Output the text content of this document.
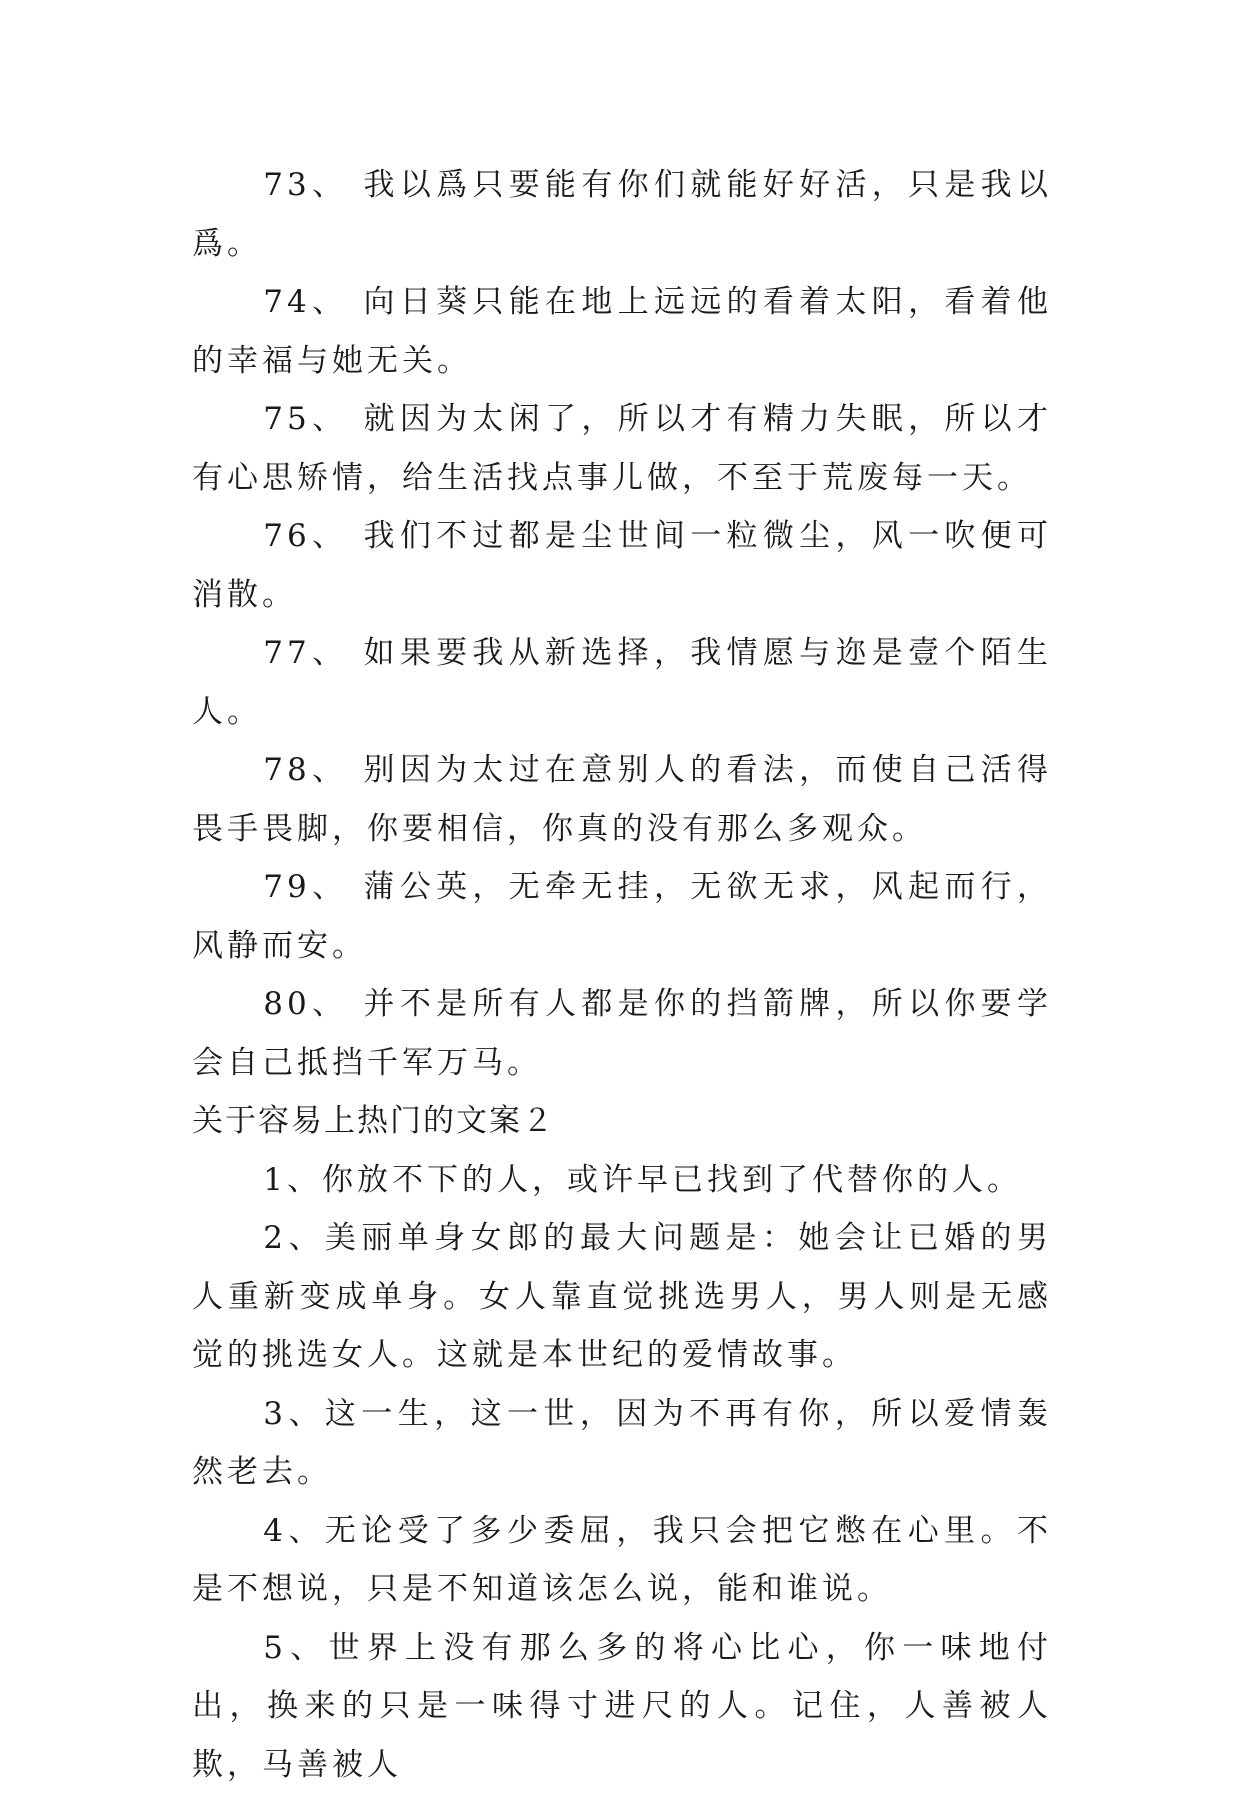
73、 我以爲只要能有你们就能好好活，只是我以爲。

74、 向日葵只能在地上远远的看着太阳，看着他的幸福与她无关。

75、 就因为太闲了，所以才有精力失眠，所以才有心思矫情，给生活找点事儿做，不至于荒废每一天。

76、 我们不过都是尘世间一粒微尘，风一吹便可消散。

77、 如果要我从新选择，我情愿与迩是壹个陌生人。

78、 别因为太过在意别人的看法，而使自己活得畏手畏脚，你要相信，你真的没有那么多观众。

79、 蒲公英，无牵无挂，无欲无求，风起而行，风静而安。

80、 并不是所有人都是你的挡箭牌，所以你要学会自己抵挡千军万马。

关于容易上热门的文案２

1、你放不下的人，或许早已找到了代替你的人。

2、美丽单身女郎的最大问题是：她会让已婚的男人重新变成单身。女人靠直觉挑选男人，男人则是无感觉的挑选女人。这就是本世纪的爱情故事。

3、这一生，这一世，因为不再有你，所以爱情轰然老去。

4、无论受了多少委屈，我只会把它憋在心里。不是不想说，只是不知道该怎么说，能和谁说。

5、世界上没有那么多的将心比心，你一味地付出，换来的只是一味得寸进尺的人。记住，人善被人欺，马善被人
